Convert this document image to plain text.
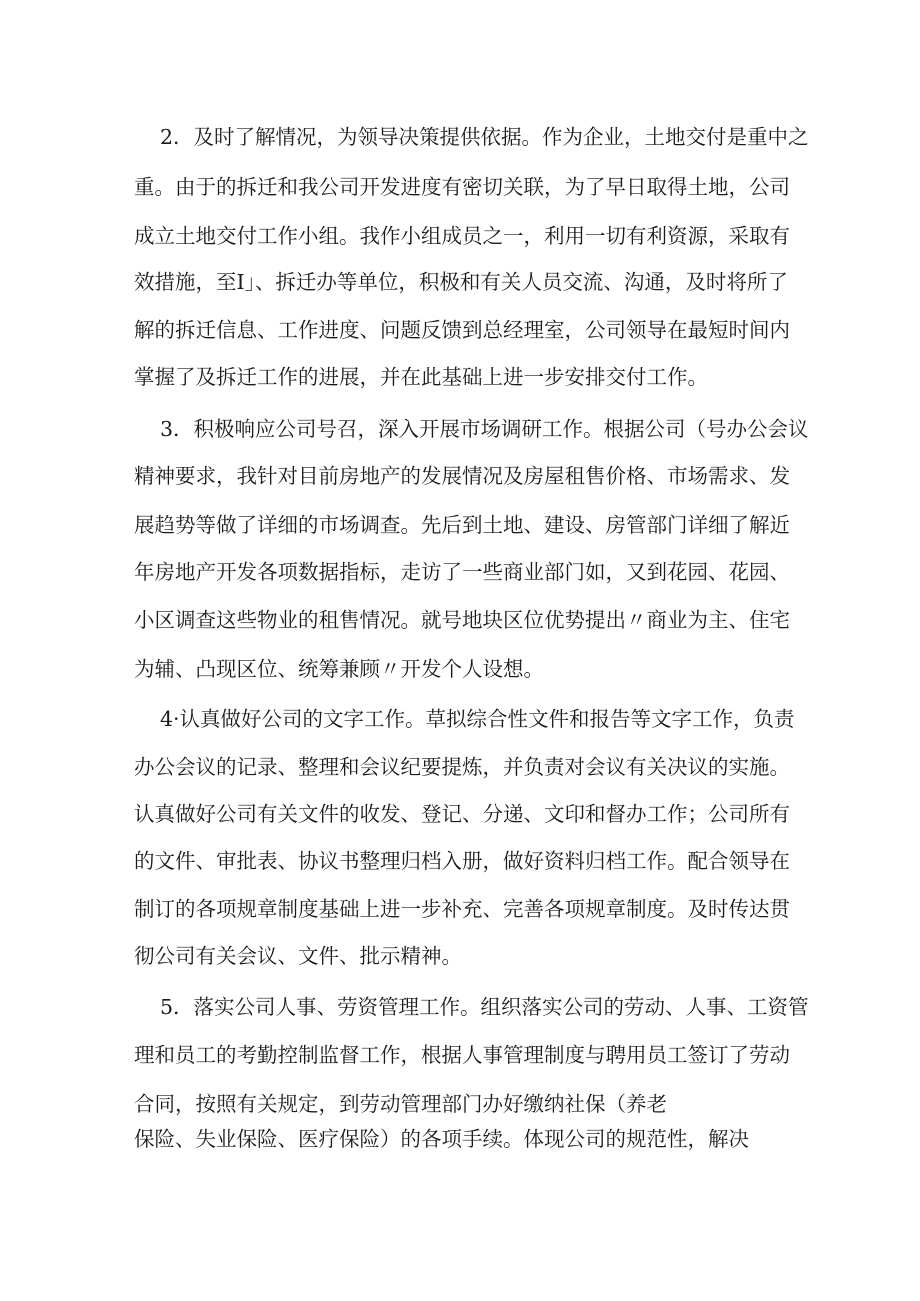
2．及时了解情况，为领导决策提供依据。作为企业，土地交付是重中之

重。由于的拆迁和我公司开发进度有密切关联，为了早日取得土地，公司

成立土地交付工作小组。我作小组成员之一，利用一切有利资源，采取有

效措施，至I」、拆迁办等单位，积极和有关人员交流、沟通，及时将所了

解的拆迁信息、工作进度、问题反馈到总经理室，公司领导在最短时间内

掌握了及拆迁工作的进展，并在此基础上进一步安排交付工作。

3．积极响应公司号召，深入开展市场调研工作。根据公司（号办公会议

精神要求，我针对目前房地产的发展情况及房屋租售价格、市场需求、发

展趋势等做了详细的市场调查。先后到土地、建设、房管部门详细了解近

年房地产开发各项数据指标，走访了一些商业部门如，又到花园、花园、

小区调查这些物业的租售情况。就号地块区位优势提出〃商业为主、住宅

为辅、凸现区位、统筹兼顾〃开发个人设想。

4·认真做好公司的文字工作。草拟综合性文件和报告等文字工作，负责

办公会议的记录、整理和会议纪要提炼，并负责对会议有关决议的实施。

认真做好公司有关文件的收发、登记、分递、文印和督办工作；公司所有

的文件、审批表、协议书整理归档入册，做好资料归档工作。配合领导在

制订的各项规章制度基础上进一步补充、完善各项规章制度。及时传达贯

彻公司有关会议、文件、批示精神。

5．落实公司人事、劳资管理工作。组织落实公司的劳动、人事、工资管

理和员工的考勤控制监督工作，根据人事管理制度与聘用员工签订了劳动

合同，按照有关规定，到劳动管理部门办好缴纳社保（养老

保险、失业保险、医疗保险）的各项手续。体现公司的规范性，解决
